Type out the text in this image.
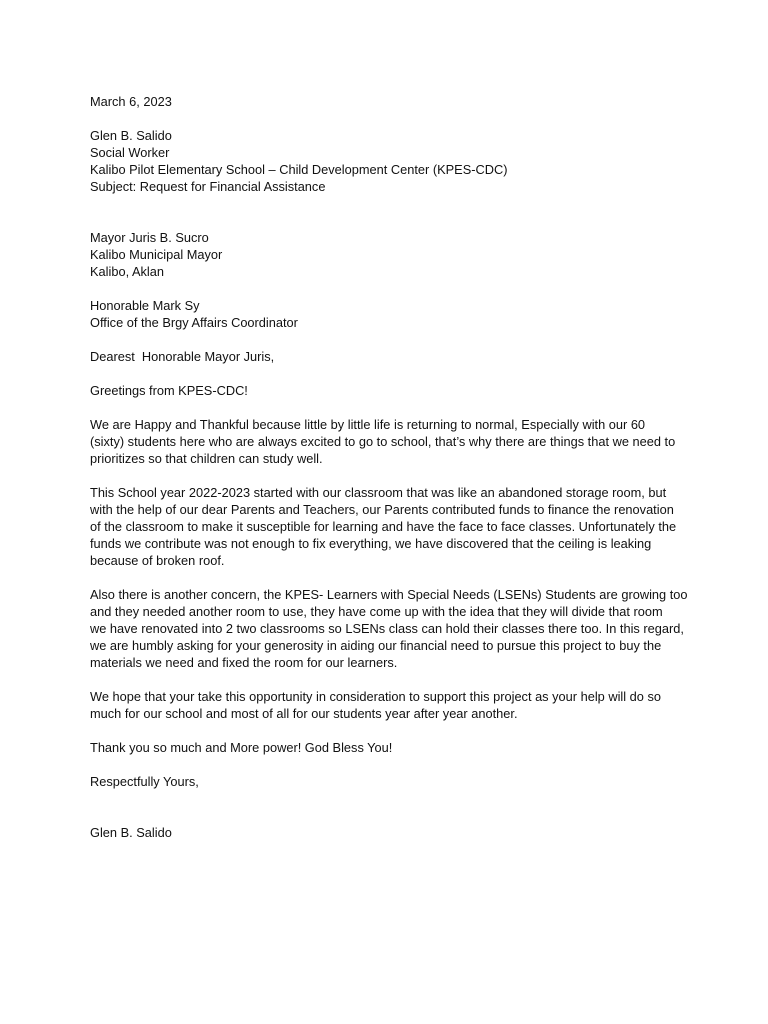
March 6, 2023
Glen B. Salido
Social Worker
Kalibo Pilot Elementary School – Child Development Center (KPES-CDC)
Subject: Request for Financial Assistance
Mayor Juris B. Sucro
Kalibo Municipal Mayor
Kalibo, Aklan
Honorable Mark Sy
Office of the Brgy Affairs Coordinator
Dearest  Honorable Mayor Juris,
Greetings from KPES-CDC!
We are Happy and Thankful because little by little life is returning to normal, Especially with our 60
(sixty) students here who are always excited to go to school, that’s why there are things that we need to
prioritizes so that children can study well.
This School year 2022-2023 started with our classroom that was like an abandoned storage room, but
with the help of our dear Parents and Teachers, our Parents contributed funds to finance the renovation
of the classroom to make it susceptible for learning and have the face to face classes. Unfortunately the
funds we contribute was not enough to fix everything, we have discovered that the ceiling is leaking
because of broken roof.
Also there is another concern, the KPES- Learners with Special Needs (LSENs) Students are growing too
and they needed another room to use, they have come up with the idea that they will divide that room
we have renovated into 2 two classrooms so LSENs class can hold their classes there too. In this regard,
we are humbly asking for your generosity in aiding our financial need to pursue this project to buy the
materials we need and fixed the room for our learners.
We hope that your take this opportunity in consideration to support this project as your help will do so
much for our school and most of all for our students year after year another.
Thank you so much and More power! God Bless You!
Respectfully Yours,
Glen B. Salido
